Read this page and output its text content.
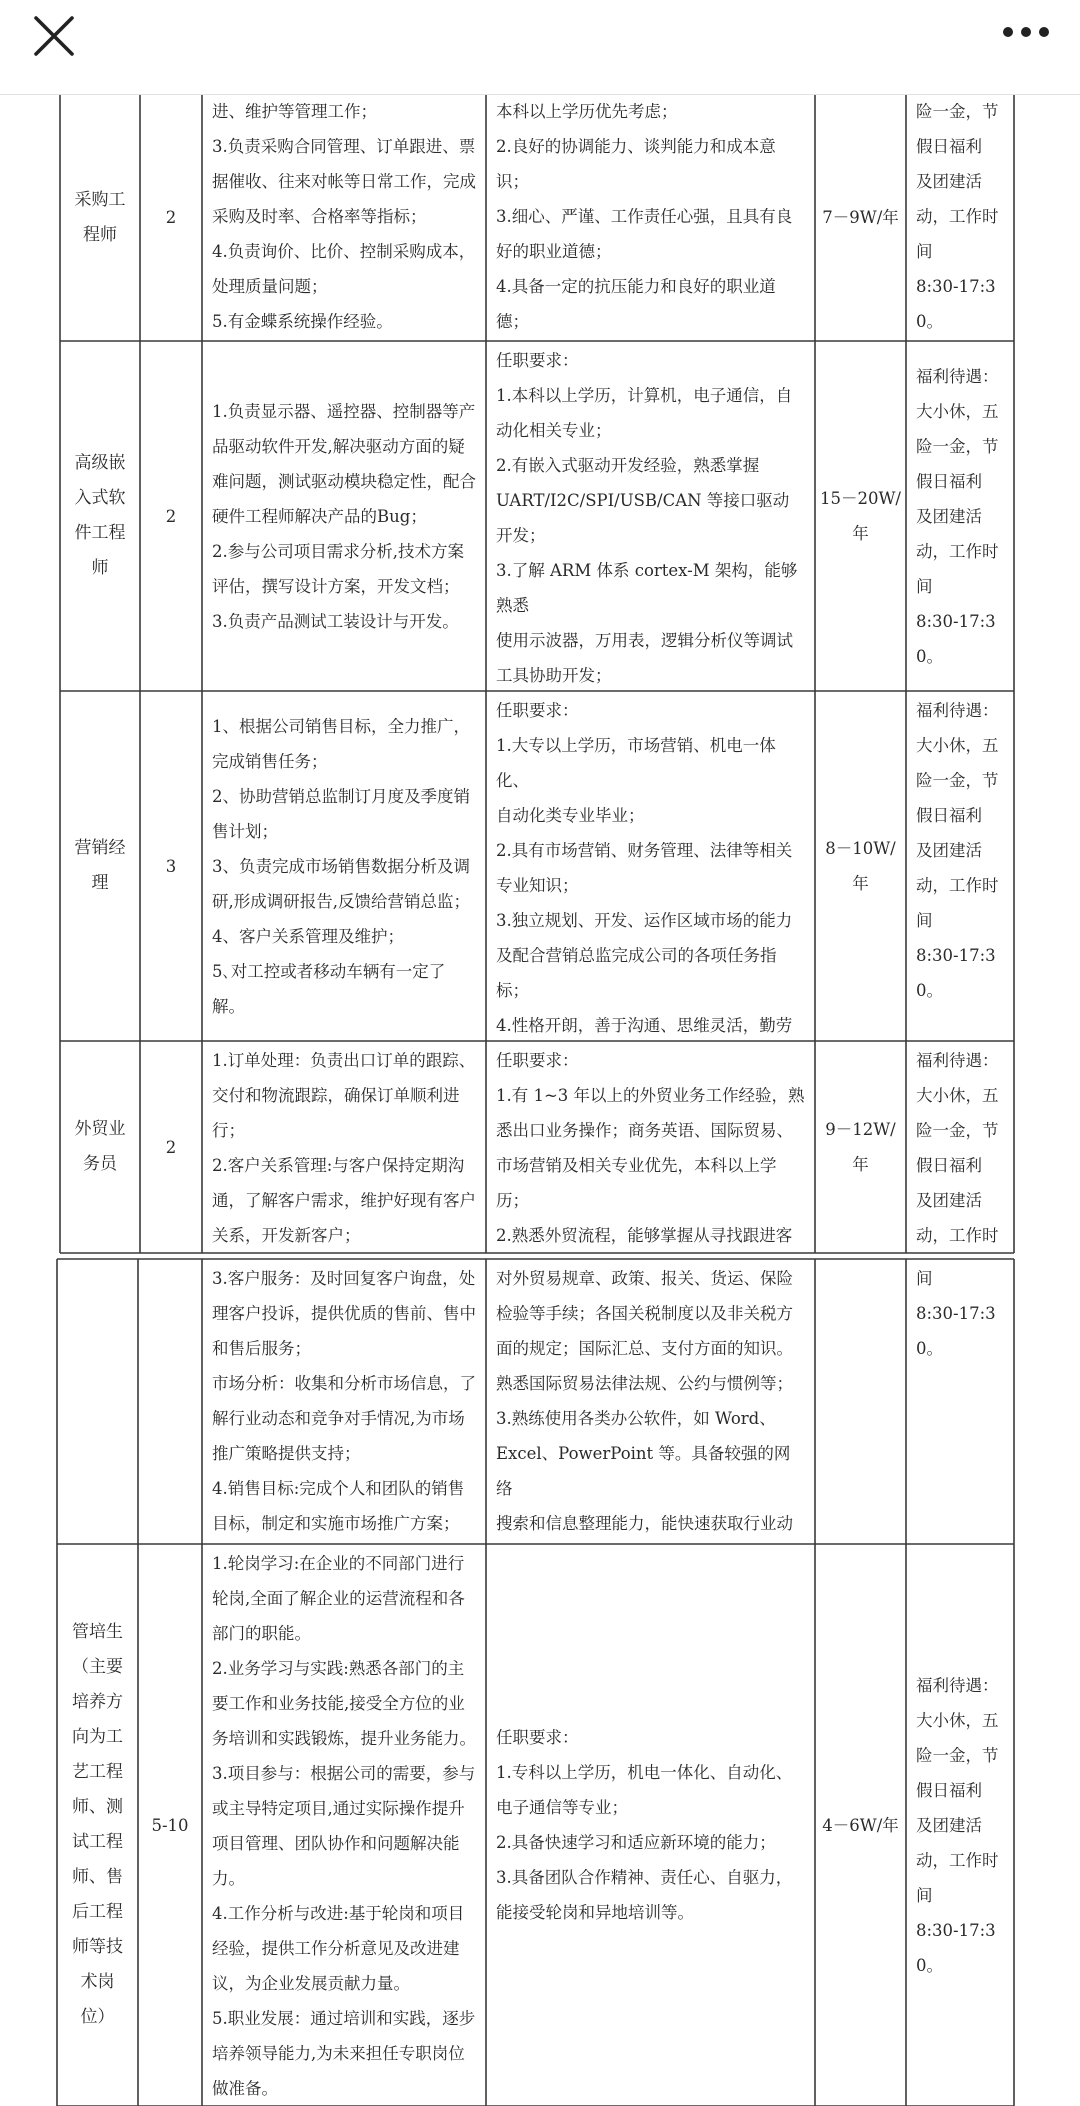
采购工

程师

2

进、维护等管理工作；

3.负责采购合同管理、订单跟进、票

据催收、往来对帐等日常工作，完成

采购及时率、合格率等指标；

4.负责询价、比价、控制采购成本，

处理质量问题；

5.有金蝶系统操作经验。

本科以上学历优先考虑；

2.良好的协调能力、谈判能力和成本意识；

3.细心、严谨、工作责任心强，且具有良

好的职业道德；

4.具备一定的抗压能力和良好的职业道

德；

7－9W/年

险一金，节

假日福利

及团建活

动，工作时

间

8:30-17:3

0。

高级嵌

入式软

件工程

师

2

1.负责显示器、遥控器、控制器等产

品驱动软件开发,解决驱动方面的疑

难问题，测试驱动模块稳定性，配合

硬件工程师解决产品的Bug；

2.参与公司项目需求分析,技术方案

评估，撰写设计方案，开发文档；

3.负责产品测试工装设计与开发。

任职要求：

1.本科以上学历，计算机，电子通信，自

动化相关专业；

2.有嵌入式驱动开发经验，熟悉掌握

UART/I2C/SPI/USB/CAN 等接口驱动开发；

3.了解 ARM 体系 cortex-M 架构，能够熟悉

使用示波器，万用表，逻辑分析仪等调试

工具协助开发；

15－20W/

年

福利待遇：

大小休，五

险一金，节

假日福利

及团建活

动，工作时

间

8:30-17:3

0。

营销经

理

3

1、根据公司销售目标，全力推广，

完成销售任务；

2、协助营销总监制订月度及季度销

售计划；

3、负责完成市场销售数据分析及调

研,形成调研报告,反馈给营销总监；

4、客户关系管理及维护；

5､对工控或者移动车辆有一定了解。

任职要求：

1.大专以上学历，市场营销、机电一体化、

自动化类专业毕业；

2.具有市场营销、财务管理、法律等相关

专业知识；

3.独立规划、开发、运作区域市场的能力

及配合营销总监完成公司的各项任务指

标；

4.性格开朗，善于沟通、思维灵活，勤劳

8－10W/

年

福利待遇：

大小休，五

险一金，节

假日福利

及团建活

动，工作时

间

8:30-17:3

0。

外贸业

务员

2

1.订单处理：负责出口订单的跟踪、

交付和物流跟踪，确保订单顺利进

行；

2.客户关系管理:与客户保持定期沟

通，了解客户需求，维护好现有客户

关系，开发新客户；

任职要求：

1.有 1~3 年以上的外贸业务工作经验，熟

悉出口业务操作；商务英语、国际贸易、

市场营销及相关专业优先，本科以上学历；

2.熟悉外贸流程，能够掌握从寻找跟进客

9－12W/

年

福利待遇：

大小休，五

险一金，节

假日福利

及团建活

动，工作时

3.客户服务：及时回复客户询盘，处

理客户投诉，提供优质的售前、售中

和售后服务；

市场分析：收集和分析市场信息，了

解行业动态和竞争对手情况,为市场

推广策略提供支持；

4.销售目标:完成个人和团队的销售

目标，制定和实施市场推广方案；

对外贸易规章、政策、报关、货运、保险

检验等手续；各国关税制度以及非关税方

面的规定；国际汇总、支付方面的知识。

熟悉国际贸易法律法规、公约与惯例等；

3.熟练使用各类办公软件，如 Word、

Excel、PowerPoint 等。具备较强的网络

搜索和信息整理能力，能快速获取行业动

间

8:30-17:3

0。

管培生

（主要

培养方

向为工

艺工程

师、测

试工程

师、售

后工程

师等技

术岗

位）

5-10

1.轮岗学习:在企业的不同部门进行

轮岗,全面了解企业的运营流程和各

部门的职能。

2.业务学习与实践:熟悉各部门的主

要工作和业务技能,接受全方位的业

务培训和实践锻炼，提升业务能力。

3.项目参与：根据公司的需要，参与

或主导特定项目,通过实际操作提升

项目管理、团队协作和问题解决能

力。

4.工作分析与改进:基于轮岗和项目

经验，提供工作分析意见及改进建

议，为企业发展贡献力量。

5.职业发展：通过培训和实践，逐步

培养领导能力,为未来担任专职岗位

做准备。

任职要求：

1.专科以上学历，机电一体化、自动化、

电子通信等专业；

2.具备快速学习和适应新环境的能力；

3.具备团队合作精神、责任心、自驱力，

能接受轮岗和异地培训等。

4－6W/年

福利待遇：

大小休，五

险一金，节

假日福利

及团建活

动，工作时

间

8:30-17:3

0。
